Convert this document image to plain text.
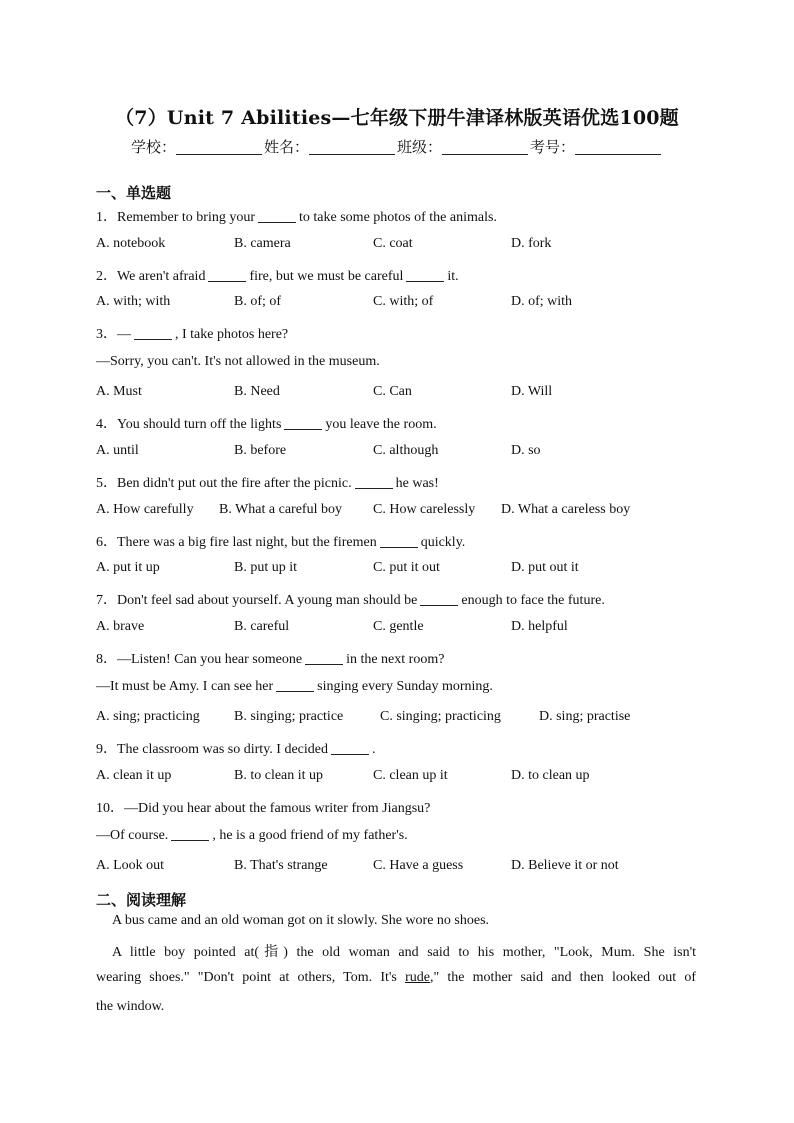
（7）Unit 7 Abilities—七年级下册牛津译林版英语优选100题
学校：	姓名：	班级：	考号：
一、单选题
1．Remember to bring your	to take some photos of the animals.
A. notebook	B. camera	C. coat	D. fork
2．We aren't afraid	fire, but we must be careful	it.
A. with; with	B. of; of	C. with; of	D. of; with
3．—	, I take photos here?
—Sorry, you can't. It's not allowed in the museum.
A. Must	B. Need	C. Can	D. Will
4．You should turn off the lights	you leave the room.
A. until	B. before	C. although	D. so
5．Ben didn't put out the fire after the picnic.	he was!
A. How carefully B. What a careful boy C. How carelessly D. What a careless boy
6．There was a big fire last night, but the firemen	quickly.
A. put it up	B. put up it	C. put it out	D. put out it
7．Don't feel sad about yourself. A young man should be	enough to face the future.
A. brave	B. careful	C. gentle	D. helpful
8．—Listen! Can you hear someone	in the next room?
—It must be Amy. I can see her	singing every Sunday morning.
A. sing; practicing B. singing; practice	C. singing; practicing	D. sing; practise
9．The classroom was so dirty. I decided	.
A. clean it up	B. to clean it up	C. clean up it	D. to clean up
10．—Did you hear about the famous writer from Jiangsu?
—Of course.	, he is a good friend of my father's.
A. Look out	B. That's strange	C. Have a guess	D. Believe it or not
二、阅读理解
A bus came and an old woman got on it slowly. She wore no shoes.
A little boy pointed at(指) the old woman and said to his mother, "Look, Mum. She isn't
wearing shoes." "Don't point at others, Tom. It's rude," the mother said and then looked out of
the window.
